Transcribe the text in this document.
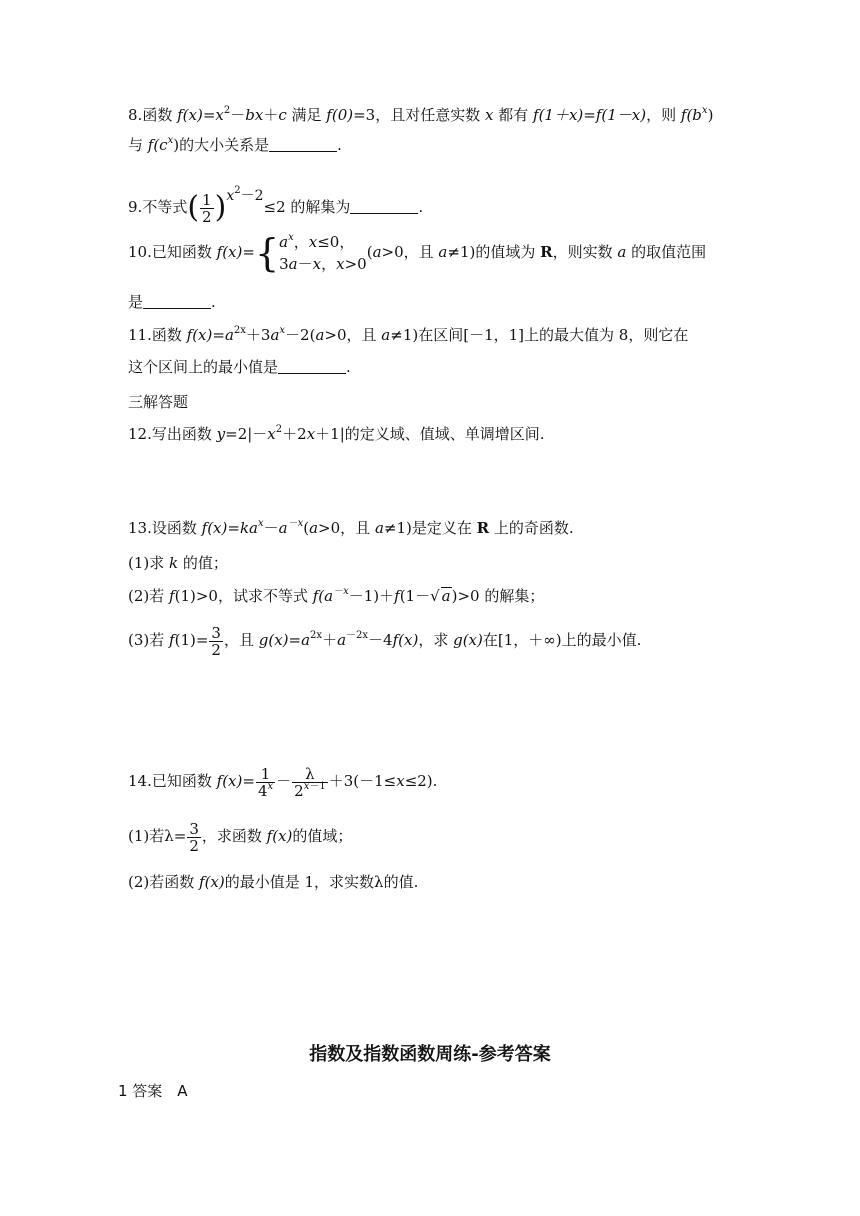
8.函数 $f(x)=x^2-bx+c$ 满足 f(0)=3，且对任意实数 x 都有 f(1＋x)=f(1－x)，则 $f(b^x)$
与 $f(c^x)$的大小关系是	.
9.不等式( $\frac{1}{2} )x^2-2\le 2$ 的解集为	.
10.已知函数 f(x)={ $a^x$，x≤0，
3a－x，x>0
(a>0，且 a≠1)的值域为 R，则实数 a 的取值范围
是	.
11.函数 $f(x)=a^{2x}+3a^x-2(a>0$，且 a≠1)在区间[－1，1]上的最大值为 8，则它在
这个区间上的最小值是	.
三解答题
12.写出函数 $y=2|-x^2+2x+1|$的定义域、值域、单调增区间.
13.设函数 $f(x)=ka^x-a^{-x}(a>0$，且 a≠1)是定义在 R 上的奇函数.
(1)求 k 的值；
(2)若 f(1)>0，试求不等式 $f(a^{-x}-1)+f(1-√$ a)>0 的解集；
(3)若 $f(1)= \frac{3}{2}$ ，且 $g(x)=a^{2x}+a^{-2x}-4f(x)$，求 g(x)在[1，＋∞)上的最小值.
14.已知函数 $f(x)= \frac{1}{4^x} - \frac{\lambda}{2^{x-1}} +3(-1\le x\le 2)$.
(1)若$\lambda= \frac{3}{2}$ ，求函数 f(x)的值域；
(2)若函数 f(x)的最小值是 1，求实数λ的值.
指数及指数函数周练-参考答案
1 答案　A
